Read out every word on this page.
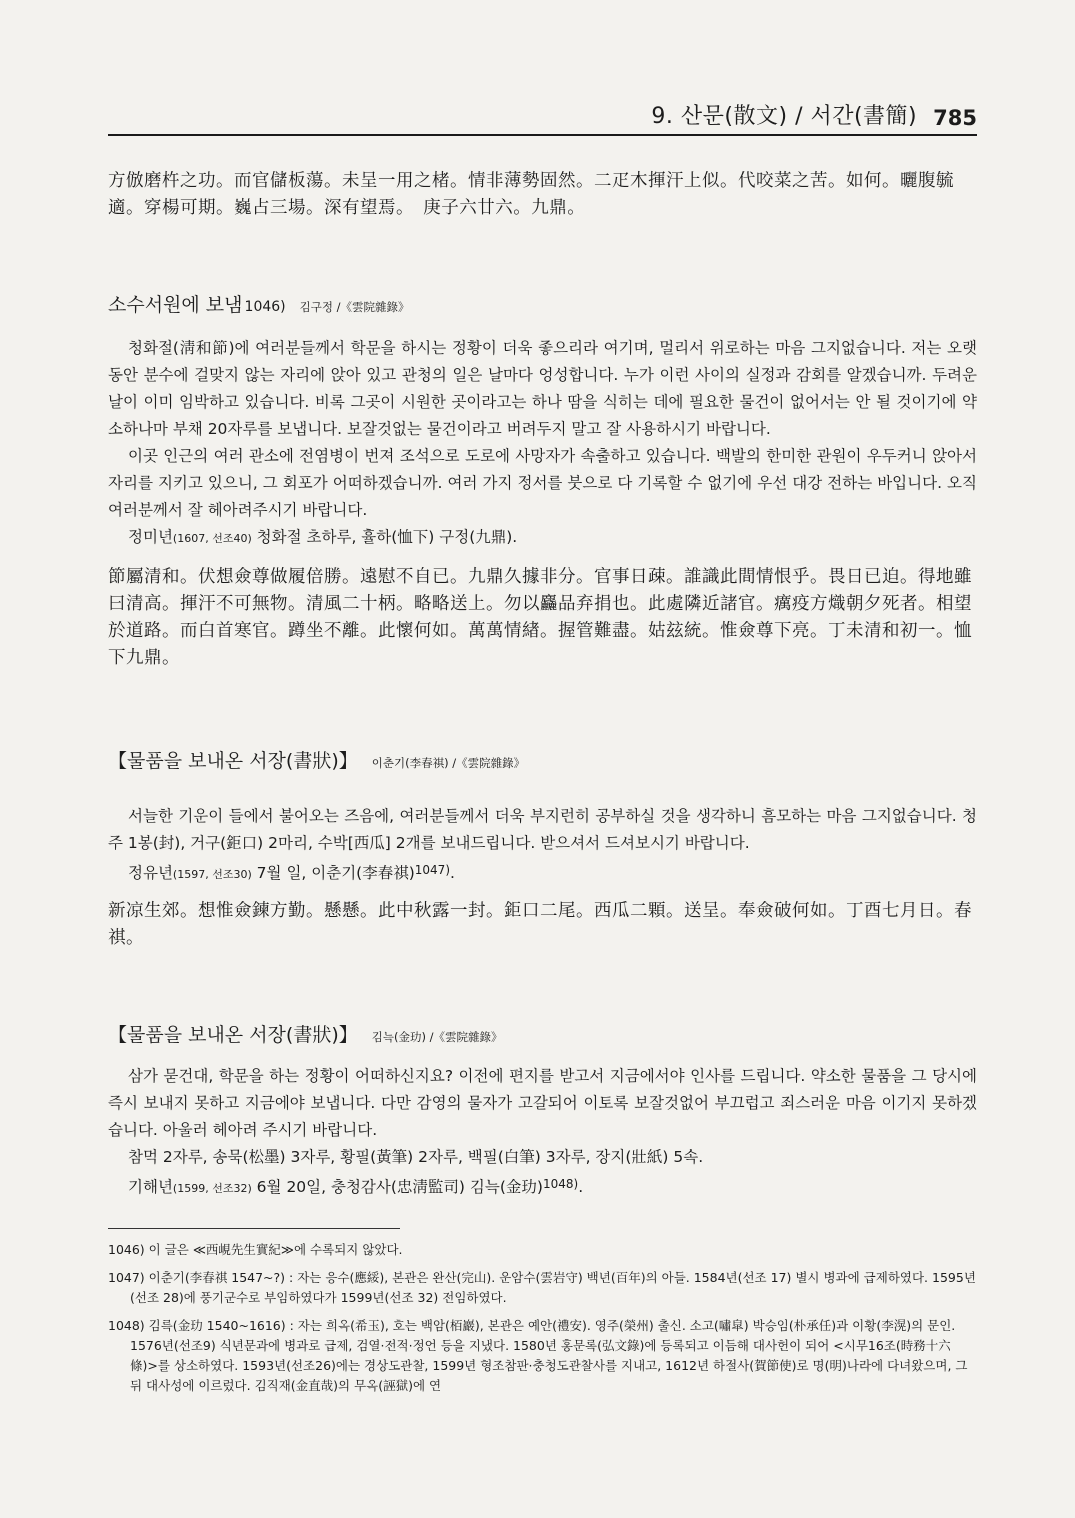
9. 산문(散文) / 서간(書簡) 785

方倣磨杵之功。而官儲板蕩。未呈一用之楮。情非薄勢固然。二疋木揮汗上似。代咬菜之苦。如何。曬腹毓適。穿楊可期。巍占三場。深有望焉。　庚子六廿六。九鼎。

소수서원에 보냄 1046) 김구정 / 《雲院雜錄》

청화절(淸和節)에 여러분들께서 학문을 하시는 정황이 더욱 좋으리라 여기며, 멀리서 위로하는 마음 그지없습니다. 저는 오랫동안 분수에 걸맞지 않는 자리에 앉아 있고 관청의 일은 날마다 엉성합니다. 누가 이런 사이의 실정과 감회를 알겠습니까. 두려운 날이 이미 임박하고 있습니다. 비록 그곳이 시원한 곳이라고는 하나 땀을 식히는 데에 필요한 물건이 없어서는 안 될 것이기에 약소하나마 부채 20자루를 보냅니다. 보잘것없는 물건이라고 버려두지 말고 잘 사용하시기 바랍니다.

이곳 인근의 여러 관소에 전염병이 번져 조석으로 도로에 사망자가 속출하고 있습니다. 백발의 한미한 관원이 우두커니 앉아서 자리를 지키고 있으니, 그 회포가 어떠하겠습니까. 여러 가지 정서를 붓으로 다 기록할 수 없기에 우선 대강 전하는 바입니다. 오직 여러분께서 잘 헤아려주시기 바랍니다.

정미년(1607, 선조40) 청화절 초하루, 휼하(恤下) 구정(九鼎).

節屬清和。伏想僉尊做履倍勝。遠慰不自已。九鼎久據非分。官事日疎。誰識此間情恨乎。畏日已迫。得地雖曰清高。揮汗不可無物。清風二十柄。略略送上。勿以麤品弃捐也。此處隣近諸官。癘疫方熾朝夕死者。相望於道路。而白首寒官。蹲坐不離。此懷何如。萬萬情緖。握管難盡。姑玆統。惟僉尊下亮。丁未清和初一。恤下九鼎。

【물품을 보내온 서장(書狀)】 이춘기(李春祺) / 《雲院雜錄》

서늘한 기운이 들에서 불어오는 즈음에, 여러분들께서 더욱 부지런히 공부하실 것을 생각하니 흠모하는 마음 그지없습니다. 청주 1봉(封), 거구(鉅口) 2마리, 수박[西瓜] 2개를 보내드립니다. 받으셔서 드셔보시기 바랍니다.

정유년(1597, 선조30) 7월 일, 이춘기(李春祺)$^{1047)}$.

新凉生郊。想惟僉鍊方勤。懸懸。此中秋露一封。鉅口二尾。西瓜二顆。送呈。奉僉破何如。丁酉七月日。春祺。

【물품을 보내온 서장(書狀)】 김늑(金玏) / 《雲院雜錄》

삼가 묻건대, 학문을 하는 정황이 어떠하신지요? 이전에 편지를 받고서 지금에서야 인사를 드립니다. 약소한 물품을 그 당시에 즉시 보내지 못하고 지금에야 보냅니다. 다만 감영의 물자가 고갈되어 이토록 보잘것없어 부끄럽고 죄스러운 마음 이기지 못하겠습니다. 아울러 헤아려 주시기 바랍니다.

참먹 2자루, 송묵(松墨) 3자루, 황필(黃筆) 2자루, 백필(白筆) 3자루, 장지(壯紙) 5속.

기해년(1599, 선조32) 6월 20일, 충청감사(忠淸監司) 김늑(金玏)$^{1048)}$.

1046) 이 글은 ≪西峴先生實紀≫에 수록되지 않았다.

1047) 이춘기(李春祺 1547~?) : 자는 응수(應綏), 본관은 완산(完山). 운암수(雲岩守) 백년(百年)의 아들. 1584년(선조 17) 별시 병과에 급제하였다. 1595년(선조 28)에 풍기군수로 부임하였다가 1599년(선조 32) 전임하였다.

1048) 김륵(金玏 1540~1616) : 자는 희옥(希玉), 호는 백암(栢巖), 본관은 예안(禮安). 영주(榮州) 출신. 소고(嘯皐) 박승임(朴承任)과 이황(李滉)의 문인. 1576년(선조9) 식년문과에 병과로 급제, 검열·전적·정언 등을 지냈다. 1580년 홍문록(弘文錄)에 등록되고 이듬해 대사헌이 되어 <시무16조(時務十六條)>를 상소하였다. 1593년(선조26)에는 경상도관찰, 1599년 형조참판·충청도관찰사를 지내고, 1612년 하절사(賀節使)로 명(明)나라에 다녀왔으며, 그 뒤 대사성에 이르렀다. 김직재(金直哉)의 무옥(誣獄)에 연
